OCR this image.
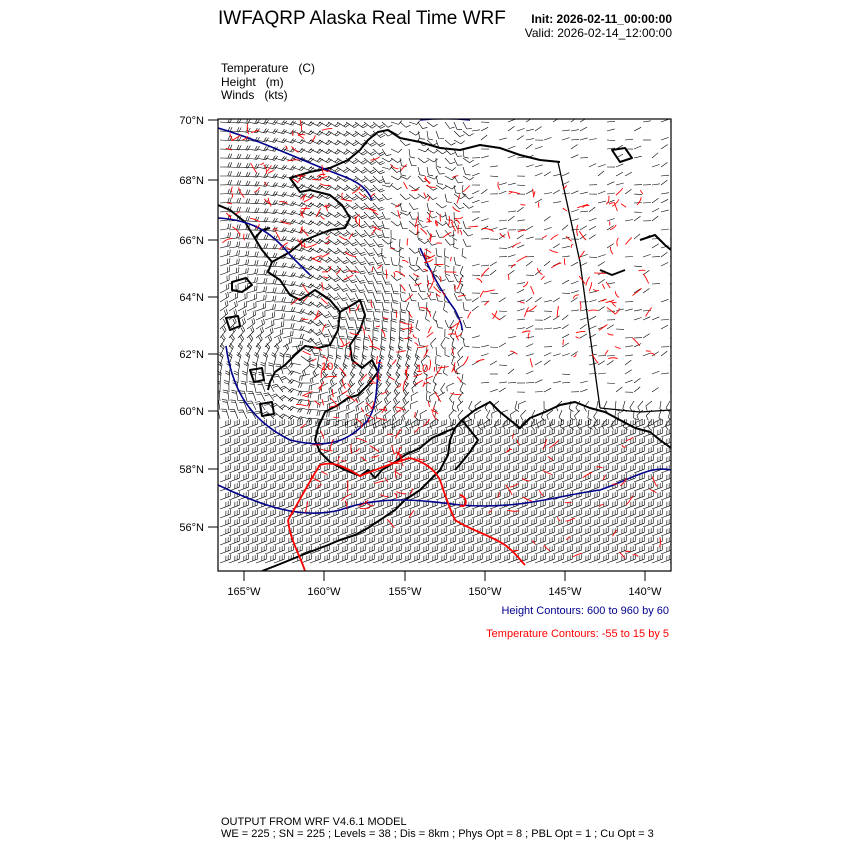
IWFAQRP Alaska Real Time WRF Init: 2026-02-11_00:00:00
Valid: 2026-02-14_12:00:00
Temperature   (C)
Height   (m)
Winds   (kts)
10	10
70°N
68°N
66°N
64°N
62°N
60°N
58°N
56°N
165°W	160°W	155°W	150°W	145°W	140°W
Height Contours: 600 to 960 by 60
Temperature Contours: -55 to 15 by 5
OUTPUT FROM WRF V4.6.1 MODEL
WE = 225 ; SN = 225 ; Levels = 38 ; Dis = 8km ; Phys Opt = 8 ; PBL Opt = 1 ; Cu Opt = 3
